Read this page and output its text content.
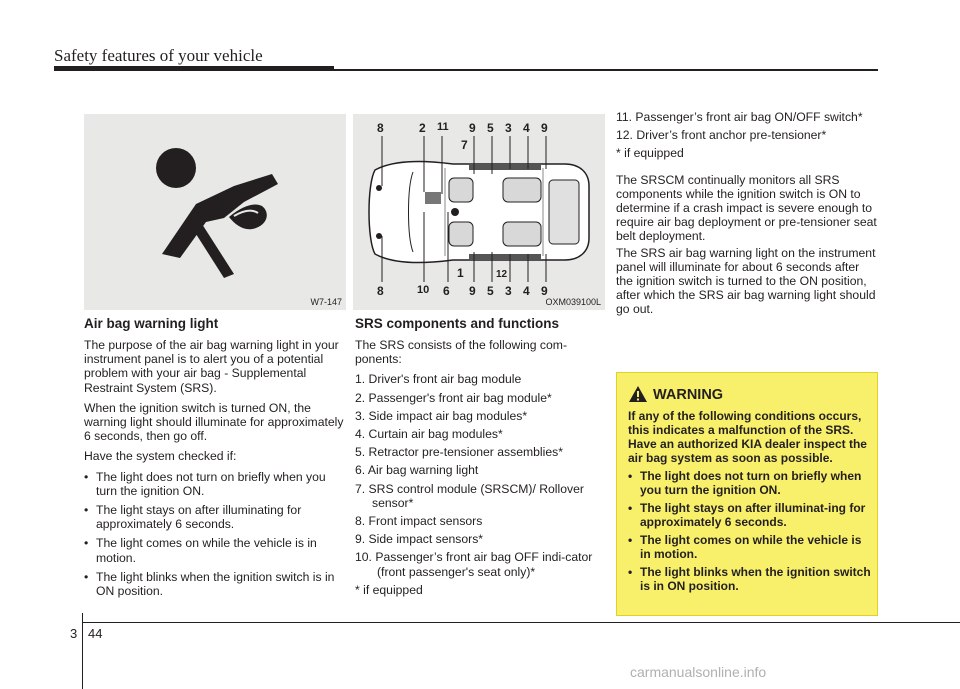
Safety features of your vehicle
W7-147
8	2 11 9 5 3 4 9
7
1	12
8	10 6 9 5 3 4 9
OXM039100L
Air bag warning light

The purpose of the air bag warning light in your instrument panel is to alert you of a potential problem with your air bag - Supplemental Restraint System (SRS).

When the ignition switch is turned ON, the warning light should illuminate for approximately 6 seconds, then go off.

Have the system checked if:

• The light does not turn on briefly when you turn the ignition ON.
• The light stays on after illuminating for approximately 6 seconds.
• The light comes on while the vehicle is in motion.
• The light blinks when the ignition switch is in ON position.
SRS components and functions

The SRS consists of the following com-ponents:

1. Driver's front air bag module
2. Passenger's front air bag module*
3. Side impact air bag modules*
4. Curtain air bag modules*
5. Retractor pre-tensioner assemblies*
6. Air bag warning light
7. SRS control module (SRSCM)/ Rollover sensor*
8. Front impact sensors
9. Side impact sensors*
10. Passenger’s front air bag OFF indi-cator (front passenger's seat only)*

* if equipped

11. Passenger’s front air bag ON/OFF switch*
12. Driver’s front anchor pre-tensioner*

* if equipped

The SRSCM continually monitors all SRS components while the ignition switch is ON to determine if a crash impact is severe enough to require air bag deployment or pre-tensioner seat belt deployment.

The SRS air bag warning light on the instrument panel will illuminate for about 6 seconds after the ignition switch is turned to the ON position, after which the SRS air bag warning light should go out.

WARNING

If any of the following conditions occurs, this indicates a malfunction of the SRS. Have an authorized KIA dealer inspect the air bag system as soon as possible.

• The light does not turn on briefly when you turn the ignition ON.
• The light stays on after illuminat-ing for approximately 6 seconds.
• The light comes on while the vehicle is in motion.
• The light blinks when the ignition switch is in ON position.
3 44
carmanualsonline.info
